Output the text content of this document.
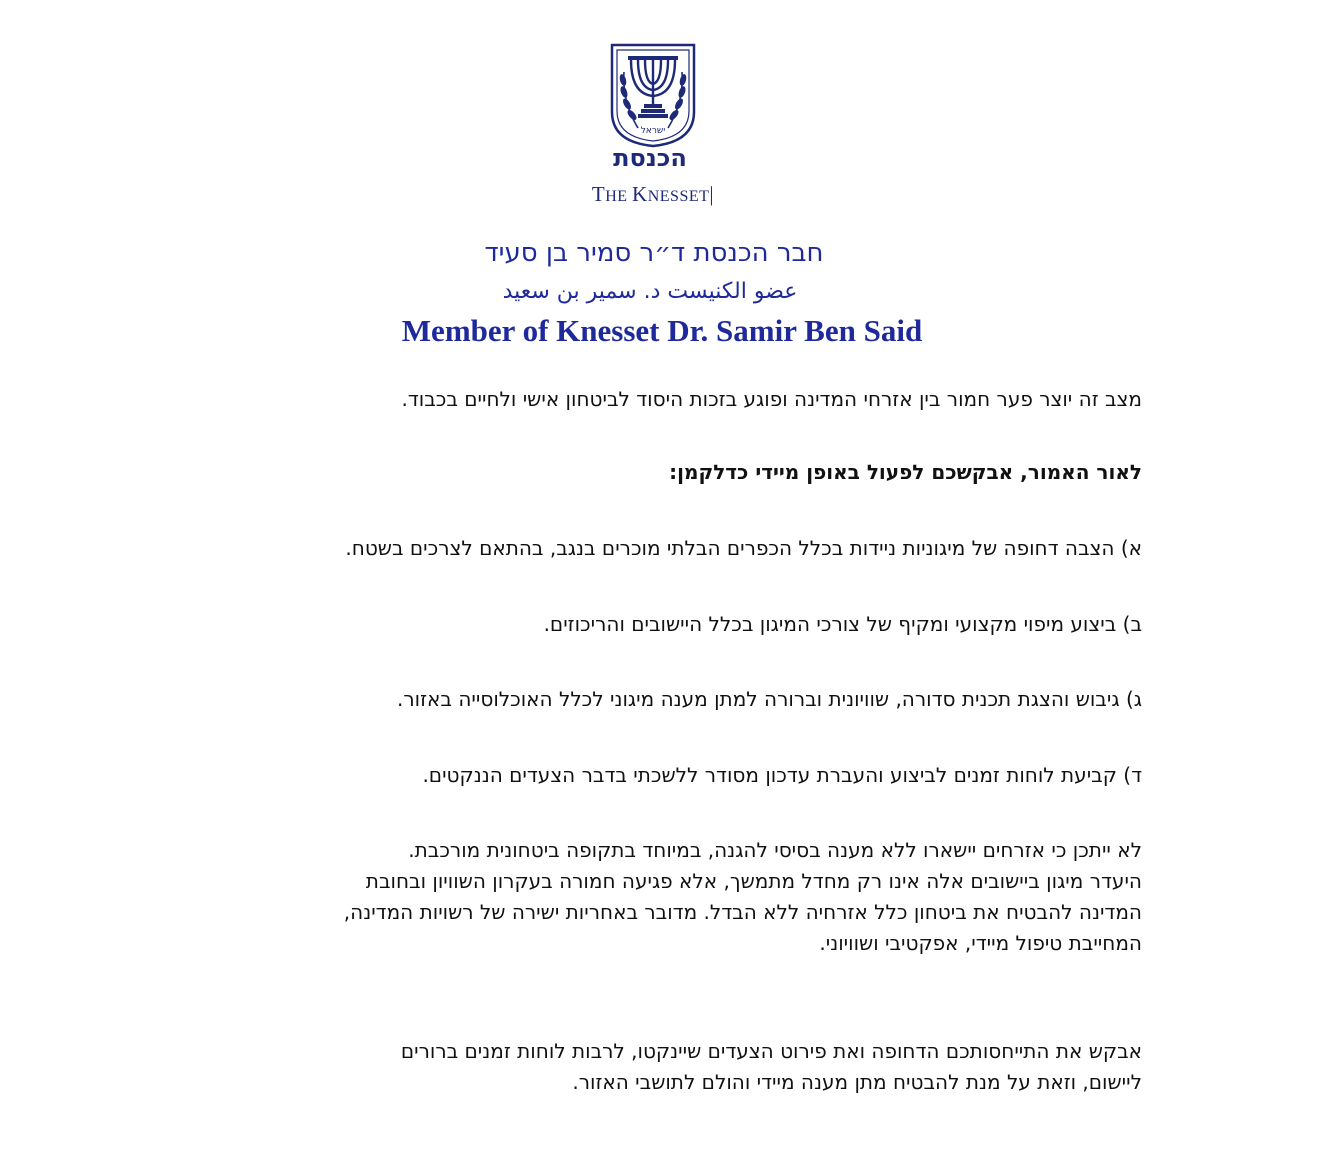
ישראל
הכנסת
THE KNESSET|
חבר הכנסת ד״ר סמיר בן סעיד
عضو الكنيست د. سمير بن سعيد
Member of Knesset Dr. Samir Ben Said
מצב זה יוצר פער חמור בין אזרחי המדינה ופוגע בזכות היסוד לביטחון אישי ולחיים בכבוד.
לאור האמור, אבקשכם לפעול באופן מיידי כדלקמן:
א) הצבה דחופה של מיגוניות ניידות בכלל הכפרים הבלתי מוכרים בנגב, בהתאם לצרכים בשטח.
ב) ביצוע מיפוי מקצועי ומקיף של צורכי המיגון בכלל היישובים והריכוזים.
ג) גיבוש והצגת תכנית סדורה, שוויונית וברורה למתן מענה מיגוני לכלל האוכלוסייה באזור.
ד) קביעת לוחות זמנים לביצוע והעברת עדכון מסודר ללשכתי בדבר הצעדים הננקטים.
לא ייתכן כי אזרחים יישארו ללא מענה בסיסי להגנה, במיוחד בתקופה ביטחונית מורכבת.
היעדר מיגון ביישובים אלה אינו רק מחדל מתמשך, אלא פגיעה חמורה בעקרון השוויון ובחובת
המדינה להבטיח את ביטחון כלל אזרחיה ללא הבדל. מדובר באחריות ישירה של רשויות המדינה,
המחייבת טיפול מיידי, אפקטיבי ושוויוני.
אבקש את התייחסותכם הדחופה ואת פירוט הצעדים שיינקטו, לרבות לוחות זמנים ברורים
ליישום, וזאת על מנת להבטיח מתן מענה מיידי והולם לתושבי האזור.
